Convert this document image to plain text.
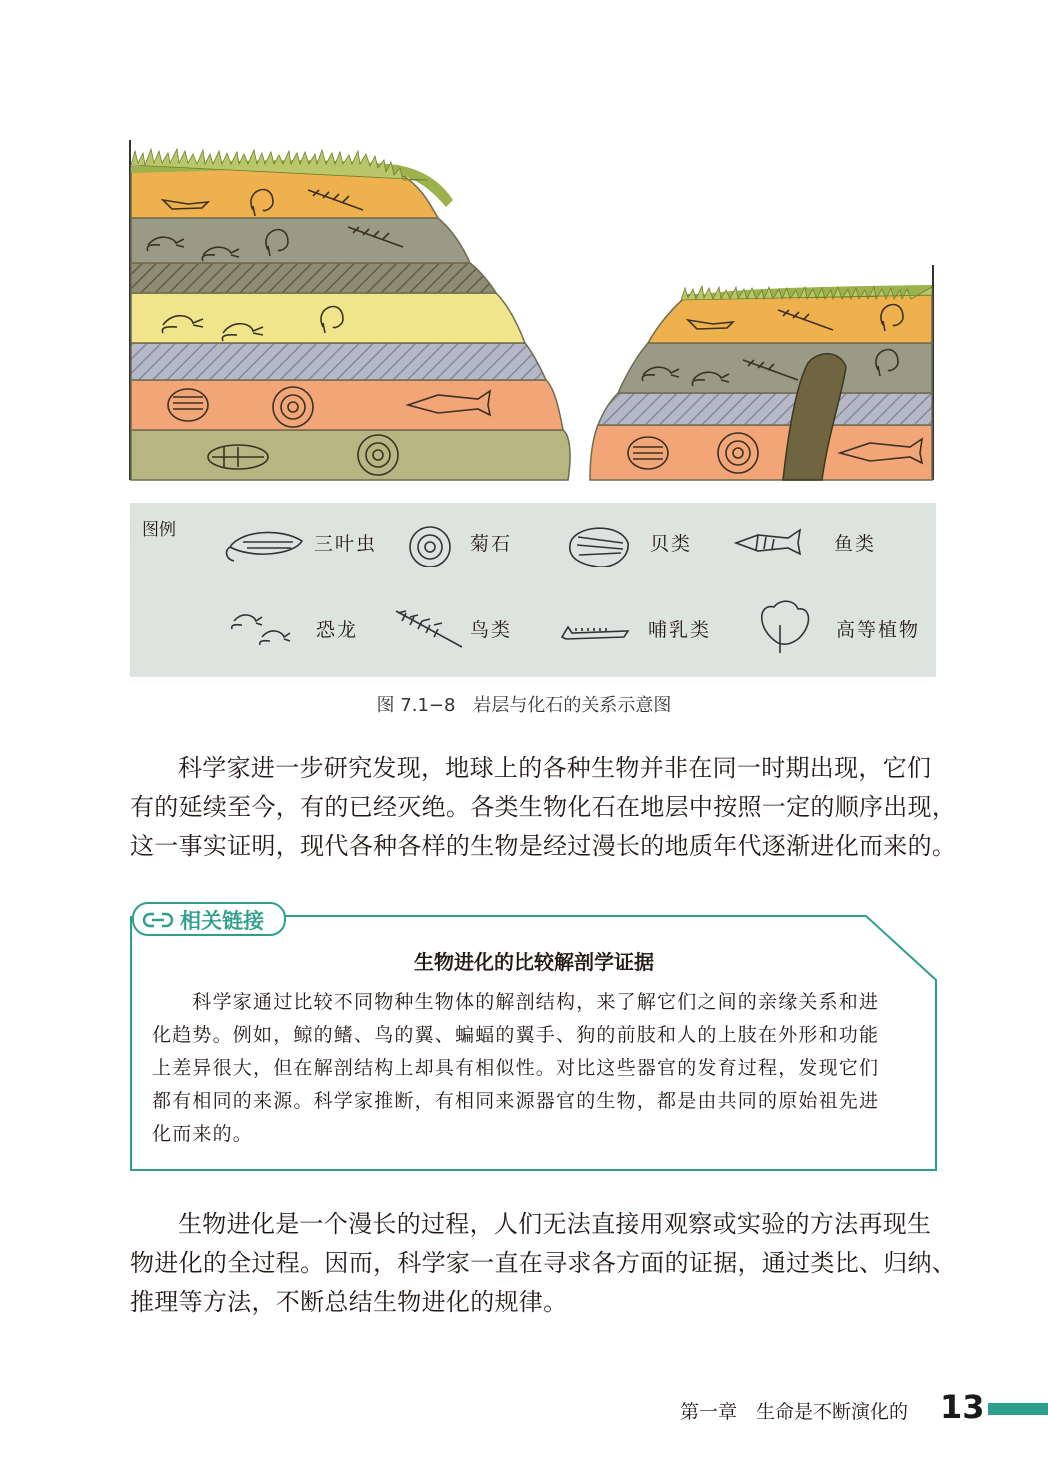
图例
三叶虫	菊石	贝类	鱼类
恐龙	鸟类	哺乳类	高等植物
图 7.1−8　岩层与化石的关系示意图
科学家进一步研究发现，地球上的各种生物并非在同一时期出现，它们
有的延续至今，有的已经灭绝。各类生物化石在地层中按照一定的顺序出现，
这一事实证明，现代各种各样的生物是经过漫长的地质年代逐渐进化而来的。
相关链接
生物进化的比较解剖学证据
　　科学家通过比较不同物种生物体的解剖结构，来了解它们之间的亲缘关系和进
化趋势。例如，鲸的鳍、鸟的翼、蝙蝠的翼手、狗的前肢和人的上肢在外形和功能
上差异很大，但在解剖结构上却具有相似性。对比这些器官的发育过程，发现它们
都有相同的来源。科学家推断，有相同来源器官的生物，都是由共同的原始祖先进
化而来的。
生物进化是一个漫长的过程，人们无法直接用观察或实验的方法再现生
物进化的全过程。因而，科学家一直在寻求各方面的证据，通过类比、归纳、
推理等方法，不断总结生物进化的规律。
第一章　生命是不断演化的 13
